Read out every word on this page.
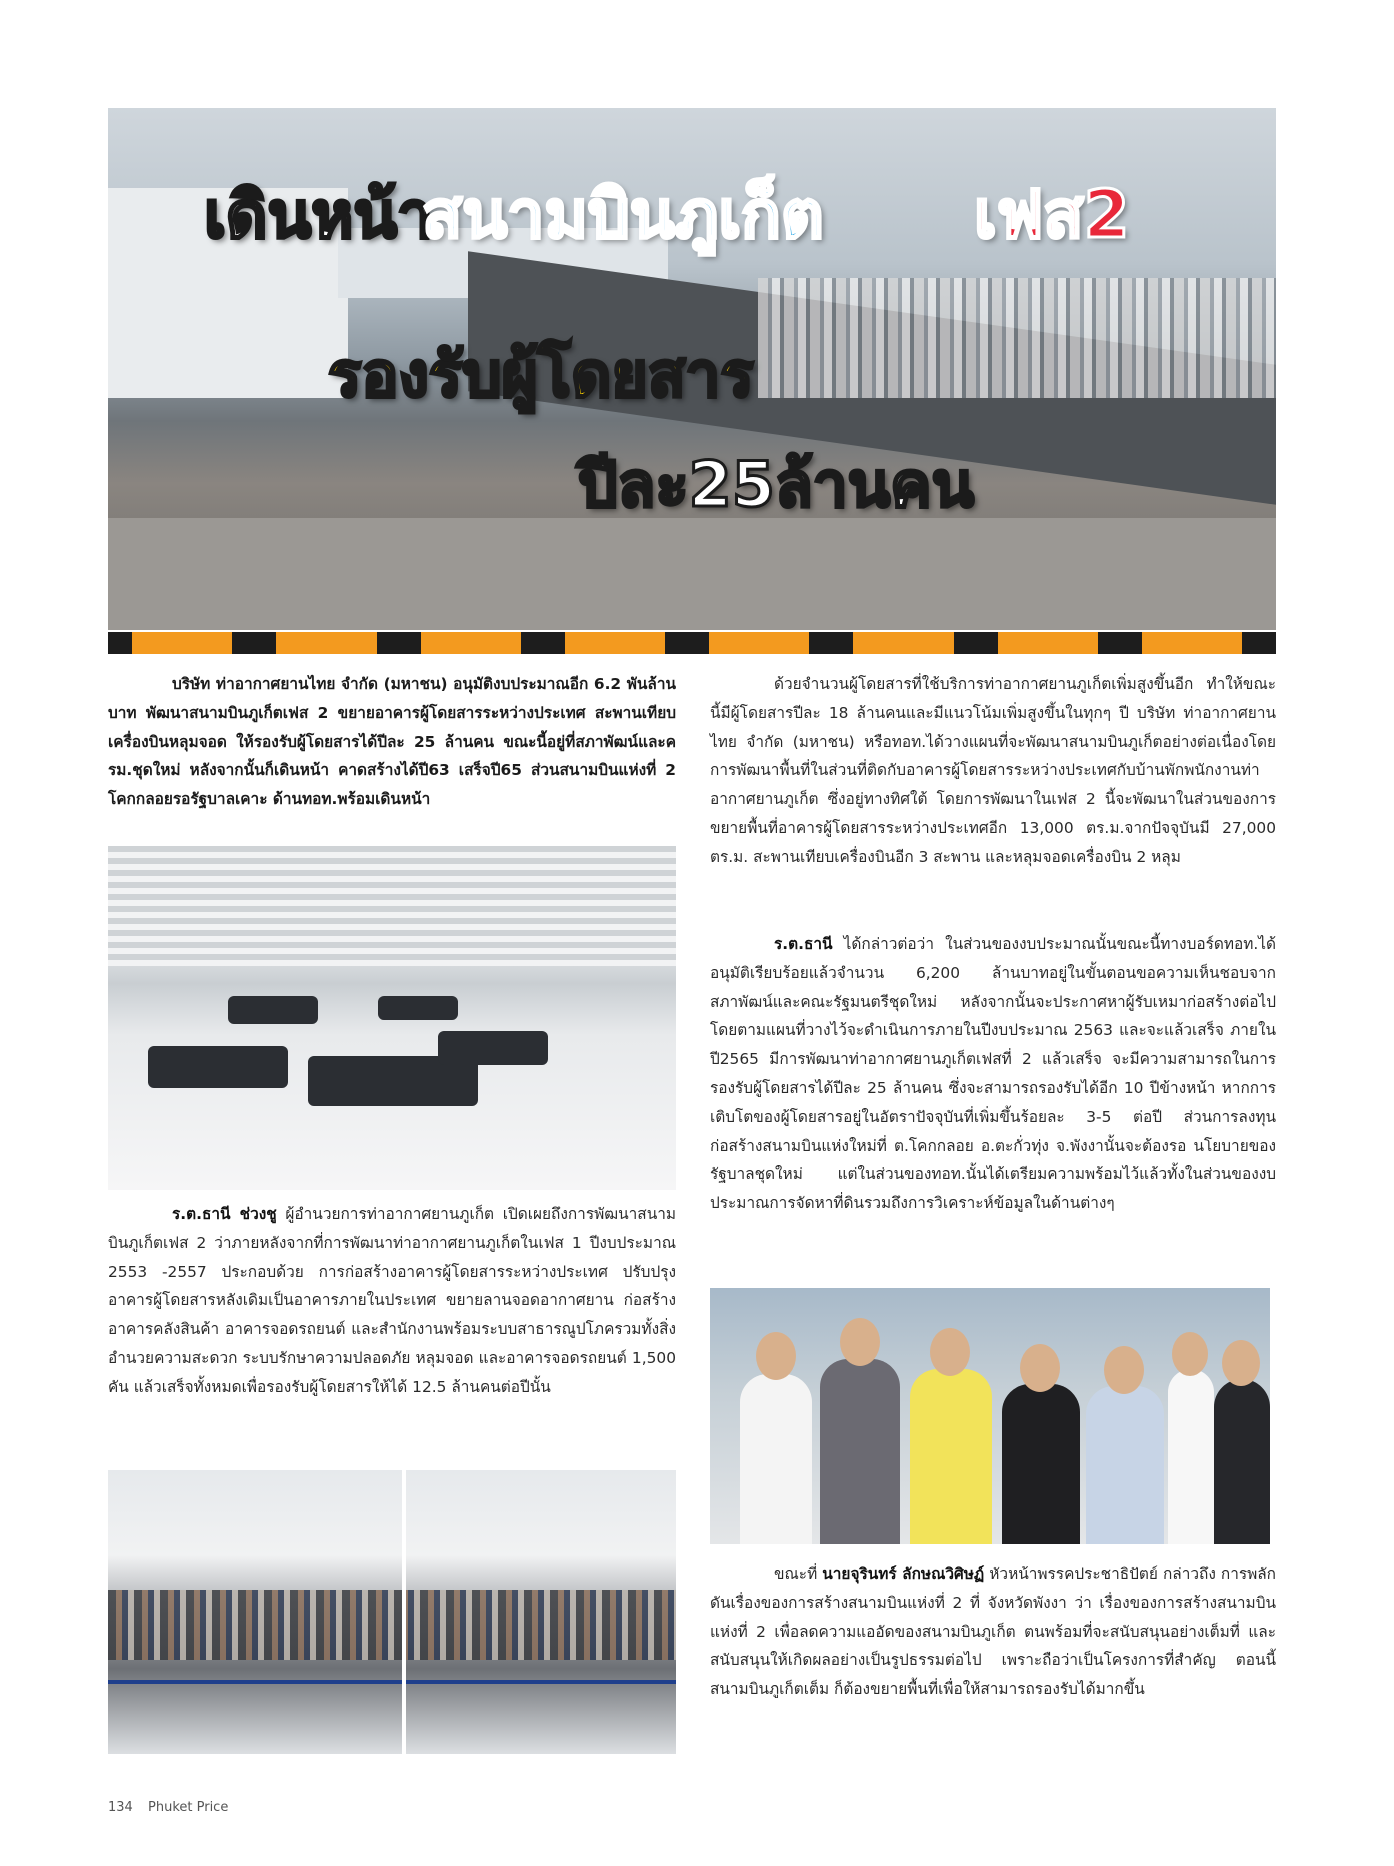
เดินหน้า
สนามบินภูเก็ต เฟส2
รองรับผู้โดยสาร
ปีละ25ล้านคน
บริษัท ท่าอากาศยานไทย จำกัด (มหาชน) อนุมัติงบประมาณอีก 6.2 พันล้านบาท พัฒนาสนามบินภูเก็ตเฟส 2 ขยายอาคารผู้โดยสารระหว่างประเทศ สะพานเทียบเครื่องบินหลุมจอด ให้รองรับผู้โดยสารได้ปีละ 25 ล้านคน ขณะนี้อยู่ที่สภาพัฒน์และครม.ชุดใหม่ หลังจากนั้นก็เดินหน้า คาดสร้างได้ปี63 เสร็จปี65 ส่วนสนามบินแห่งที่ 2 โคกกลอยรอรัฐบาลเคาะ ด้านทอท.พร้อมเดินหน้า
ร.ต.ธานี ช่วงชู ผู้อำนวยการท่าอากาศยานภูเก็ต เปิดเผยถึงการพัฒนาสนามบินภูเก็ตเฟส 2 ว่าภายหลังจากที่การพัฒนาท่าอากาศยานภูเก็ตในเฟส 1 ปีงบประมาณ 2553 -2557 ประกอบด้วย การก่อสร้างอาคารผู้โดยสารระหว่างประเทศ ปรับปรุงอาคารผู้โดยสารหลังเดิมเป็นอาคารภายในประเทศ ขยายลานจอดอากาศยาน ก่อสร้างอาคารคลังสินค้า อาคารจอดรถยนต์ และสำนักงานพร้อมระบบสาธารณูปโภครวมทั้งสิ่งอำนวยความสะดวก ระบบรักษาความปลอดภัย หลุมจอด และอาคารจอดรถยนต์ 1,500 คัน แล้วเสร็จทั้งหมดเพื่อรองรับผู้โดยสารให้ได้ 12.5 ล้านคนต่อปีนั้น
ด้วยจำนวนผู้โดยสารที่ใช้บริการท่าอากาศยานภูเก็ตเพิ่มสูงขึ้นอีก ทำให้ขณะนี้มีผู้โดยสารปีละ 18 ล้านคนและมีแนวโน้มเพิ่มสูงขึ้นในทุกๆ ปี บริษัท ท่าอากาศยานไทย จำกัด (มหาชน) หรือทอท.ได้วางแผนที่จะพัฒนาสนามบินภูเก็ตอย่างต่อเนื่องโดยการพัฒนาพื้นที่ในส่วนที่ติดกับอาคารผู้โดยสารระหว่างประเทศกับบ้านพักพนักงานท่าอากาศยานภูเก็ต ซึ่งอยู่ทางทิศใต้ โดยการพัฒนาในเฟส 2 นี้จะพัฒนาในส่วนของการขยายพื้นที่อาคารผู้โดยสารระหว่างประเทศอีก 13,000 ตร.ม.จากปัจจุบันมี 27,000 ตร.ม. สะพานเทียบเครื่องบินอีก 3 สะพาน และหลุมจอดเครื่องบิน 2 หลุม
ร.ต.ธานี ได้กล่าวต่อว่า ในส่วนของงบประมาณนั้นขณะนี้ทางบอร์ดทอท.ได้อนุมัติเรียบร้อยแล้วจำนวน 6,200 ล้านบาทอยู่ในขั้นตอนขอความเห็นชอบจากสภาพัฒน์และคณะรัฐมนตรีชุดใหม่ หลังจากนั้นจะประกาศหาผู้รับเหมาก่อสร้างต่อไป โดยตามแผนที่วางไว้จะดำเนินการภายในปีงบประมาณ 2563 และจะแล้วเสร็จ ภายในปี2565 มีการพัฒนาท่าอากาศยานภูเก็ตเฟสที่ 2 แล้วเสร็จ จะมีความสามารถในการรองรับผู้โดยสารได้ปีละ 25 ล้านคน ซึ่งจะสามารถรองรับได้อีก 10 ปีข้างหน้า หากการเติบโตของผู้โดยสารอยู่ในอัตราปัจจุบันที่เพิ่มขึ้นร้อยละ 3-5 ต่อปี ส่วนการลงทุนก่อสร้างสนามบินแห่งใหม่ที่ ต.โคกกลอย อ.ตะกั่วทุ่ง จ.พังงานั้นจะต้องรอ นโยบายของรัฐบาลชุดใหม่ แต่ในส่วนของทอท.นั้นได้เตรียมความพร้อมไว้แล้วทั้งในส่วนของงบประมาณการจัดหาที่ดินรวมถึงการวิเคราะห์ข้อมูลในด้านต่างๆ
ขณะที่ นายจุรินทร์ ลักษณวิศิษฏ์ หัวหน้าพรรคประชาธิปัตย์ กล่าวถึง การพลักดันเรื่องของการสร้างสนามบินแห่งที่ 2 ที่ จังหวัดพังงา ว่า เรื่องของการสร้างสนามบินแห่งที่ 2 เพื่อลดความแออัดของสนามบินภูเก็ต ตนพร้อมที่จะสนับสนุนอย่างเต็มที่ และสนับสนุนให้เกิดผลอย่างเป็นรูปธรรมต่อไป เพราะถือว่าเป็นโครงการที่สำคัญ ตอนนี้สนามบินภูเก็ตเต็ม ก็ต้องขยายพื้นที่เพื่อให้สามารถรองรับได้มากขึ้น
134 Phuket Price
